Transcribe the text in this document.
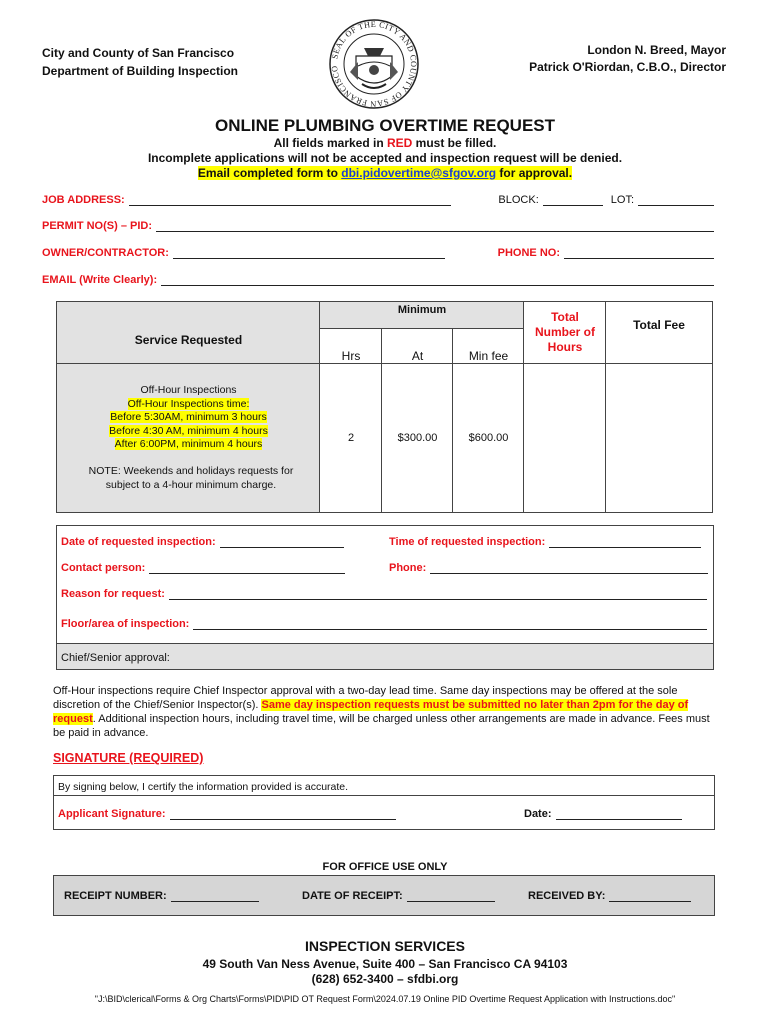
City and County of San Francisco
Department of Building Inspection
SEAL OF THE CITY AND COUNTY OF SAN FRANCISCO
London N. Breed, Mayor
Patrick O'Riordan, C.B.O., Director
ONLINE PLUMBING OVERTIME REQUEST
All fields marked in RED must be filled.
Incomplete applications will not be accepted and inspection request will be denied.
Email completed form to dbi.pidovertime@sfgov.org for approval.
JOB ADDRESS:	BLOCK:	LOT:
PERMIT NO(S) – PID:
OWNER/CONTRACTOR:	PHONE NO:
EMAIL (Write Clearly):
Service Requested
Minimum
Hrs	At	Min fee
Total Number of Hours
Total Fee
Off-Hour Inspections
Off-Hour Inspections time:
Before 5:30AM, minimum 3 hours
Before 4:30 AM, minimum 4 hours
After 6:00PM, minimum 4 hours
NOTE: Weekends and holidays requests for subject to a 4-hour minimum charge.
2	$300.00	$600.00
Date of requested inspection:	Time of requested inspection:
Contact person:	Phone:
Reason for request:
Floor/area of inspection:
Chief/Senior approval:
Off-Hour inspections require Chief Inspector approval with a two-day lead time. Same day inspections may be offered at the sole discretion of the Chief/Senior Inspector(s). Same day inspection requests must be submitted no later than 2pm for the day of request. Additional inspection hours, including travel time, will be charged unless other arrangements are made in advance. Fees must be paid in advance.
SIGNATURE (REQUIRED)
By signing below, I certify the information provided is accurate.
Applicant Signature:	Date:
FOR OFFICE USE ONLY
RECEIPT NUMBER:	DATE OF RECEIPT:	RECEIVED BY:
INSPECTION SERVICES
49 South Van Ness Avenue, Suite 400 – San Francisco CA 94103
(628) 652-3400 – sfdbi.org
"J:\BID\clerical\Forms & Org Charts\Forms\PID\PID OT Request Form\2024.07.19 Online PID Overtime Request Application with Instructions.doc"
